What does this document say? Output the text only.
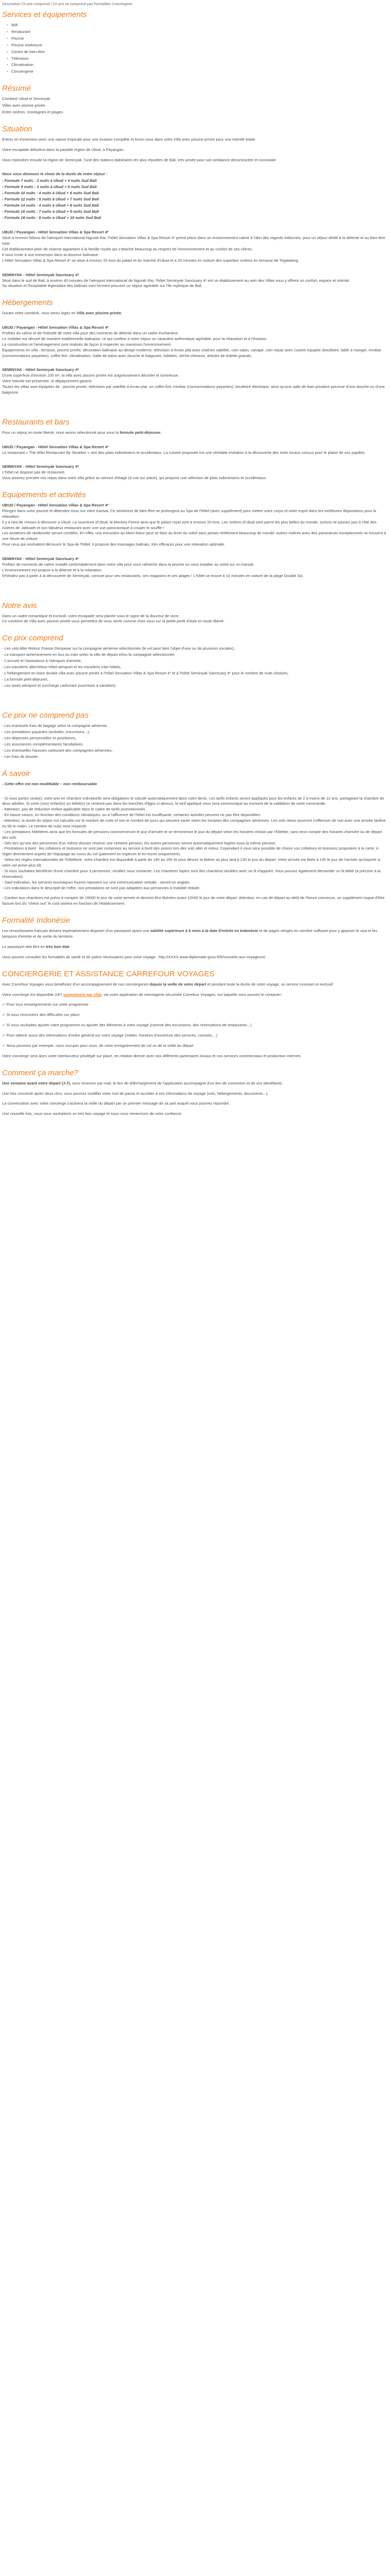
Description Ce prix comprend / Ce prix ne comprend pas Formalités Conciergerie
Services et équipements
• Wifi
• Restaurant
• Piscine
• Piscine extérieure
• Centre de bien-être
• Télévision
• Climatisation
• Conciergerie
Résumé

Combiné Ubud et Seminyak

Villas avec piscine privée

Entre rizières, montagnes et plages

Situation

Entrez en immersion avec une nature tropicale pour une évasion complète et lovez-vous dans votre Villa avec piscine privée pour une intimité totale.

Votre escapade débutera dans la paisible région de Ubud, à Payangan.

Vous rejoindrez ensuite la région de Seminyak, l'une des stations balnéaires les plus réputées de Bali, très prisée pour son ambiance décontractée et conviviale.

Nous vous donnons le choix de la durée de votre séjour :

- Formule 7 nuits : 3 nuits à Ubud + 4 nuits Sud Bali
- Formule 9 nuits : 3 nuits à Ubud + 6 nuits Sud Bali
- Formule 10 nuits : 4 nuits à Ubud + 6 nuits Sud Bali
- Formule 12 nuits : 5 nuits à Ubud + 7 nuits Sud Bali
- Formule 14 nuits : 4 nuits à Ubud + 8 nuits Sud Bali
- Formule 16 nuits : 7 nuits à Ubud + 9 nuits Sud Bali
- Formule 18 nuits : 8 nuits à Ubud + 10 nuits Sud Bali

UBUD / Payangan - Hôtel Sensation Villas & Spa Resort 4*

Situé à environ 50kms de l'aéroport international Ngurah Rai, l'hôtel Sensation Villas & Spa Resort 4* prend place dans un environnement calme à l'abri des regards indiscrets, pour un séjour dédié à la détente et au bien-être total.

Cet établissement plein de charme appartient à la famille royale qui s'attache beaucoup au respect de l'environnement et au confort de ses clients.

Il vous invite à une immersion dans la douceur balinaise.

L'hôtel Sensation Villas & Spa Resort 4* se situe à environ 20 kms du palais et du marché d'Ubud et à 20 minutes en voiture des superbes rizières en terrasse de Tegalalang.

SEMINYAK - Hôtel Seminyak Sanctuary 4*

Situé dans le sud de Bali, à environ 40 minutes de l'aéroport international de Ngurah Rai, l'hôtel Seminyak Sanctuary 4* est un établissement au sein des Villas vous y offrent un confort, espace et intimité.

Sa situation et l'hospitalité légendaire des balinois vont forment procurer un séjour agréable sur l'île mythique de Bali.

Hébergements

Durant votre combiné, vous serez logés en Villa avec piscine privée.

UBUD / Payangan - Hôtel Sensation Villas & Spa Resort 4*

Profitez du calme et de l'intimité de votre villa pour des moments de détente dans un cadre enchanteur.

Le mobilier est décoré de manière traditionnelle balinaise, ce qui confère à votre séjour un caractère authentique agréable, pour la relaxation et à l'évasion.

La construction et l'aménagement sont réalisés de façon à respecter au maximum l'environnement.

Équipements en villa : terrasse, piscine privée, décoration balinaise au design moderne, télévision à écran plat avec chaînes satellite, coin salon, canapé, coin repas avec cuisine équipée (bouilloire, table à manger, minibar (consommations payantes), coffre-fort, climatisation. Salle de bains avec douche et baignoire, toilettes, sèche-cheveux, articles de toilette gratuits.

SEMINYAK - Hôtel Seminyak Sanctuary 4*

D'une superficie d'environ 100 m², la villa avec piscine privée est soigneusement décorée et lumineuse.

Votre intimité est préservée, le dépaysement garanti.

Toutes les villas sont équipées de : piscine privée, télévision par satellite à écran plat, un coffre-fort, minibar (consommations payantes), bouilloire électrique, ainsi qu'une salle de bain privative pourvue d'une douche ou d'une baignoire.

Restaurants et bars

Pour un séjour en toute liberté, nous avons sélectionné pour vous la formule petit-déjeuner.

UBUD / Payangan - Hôtel Sensation Villas & Spa Resort 4*

Le restaurant « The Wilis Restaurant By Senebre » sert des plats indonésiens et occidentaux. La cuisine proposée est une véritable invitation à la découverte des mets locaux conçus pour le plaisir de vos papilles.

SEMINYAK - Hôtel Seminyak Sanctuary 4*

L'hôtel ne dispose pas de restaurant.

Vous pourrez prendre vos repas dans votre villa grâce au service d'étage (à voir sur place), qui propose une sélection de plats indonésiens et occidentaux.

Equipements et activités

UBUD / Payangan - Hôtel Sensation Villas & Spa Resort 4*

Plongez dans votre piscine et détendez-vous sur votre transat. Ce sentiment de bien-être se prolongera au Spa de l'hôtel (avec supplément) pour mettre votre corps et votre esprit dans les meilleures dispositions pour la relaxation.

Il y a tant de choses à découvrir à Ubud. La nourriture d'Ubud, la Monkey Forest ainsi que le palais royal sont à environ 20 kms. Les rizières d'Ubud sont parmi les plus belles du monde, surtout ne passez pas à côté des rizières de Jatiluwih et son fabuleux restaurant avec une vue panoramique à couper le souffle !

Les amateurs de randonnée seront comblés. En effet, une excursion au Mont Batur peut se faire au lever du soleil sans jamais réellement beaucoup de monde. Autres rizières avec des panoramas exceptionnels se trouvent à une heure de voiture.

Pour ceux qui souhaitent découvrir le Spa de l'hôtel, il propose des massages balinais, très efficaces pour une relaxation optimale.

SEMINYAK - Hôtel Seminyak Sanctuary 4*

Profitez de moments de calme installé confortablement dans votre villa pour vous rafraîchir dans la piscine ou vous installer au soleil sur un transat.

L'environnement est propice à la détente et à la relaxation.

N'hésitez pas à partir à la découverte de Seminyak, connue pour ses restaurants, ses magasins et ses plages ! L'hôtel se trouve à 10 minutes en voiture de la plage Double Six.

Notre avis

Dans un cadre romantique et exclusif, votre escapade sera placée sous le signe de la douceur de vivre.

Ce combiné de Villa avec piscine privée vous permettra de vous sentir comme chez vous sur la petite perle d'Asie en toute liberté.

Ce prix comprend
- Les vols Aller-Retour France-Denpasar sur la compagnie aérienne sélectionnée (le vol peut faire l'objet d'une ou de plusieurs escales),
- Le transport acheminement en bus ou train selon la ville de départ et/ou la compagnie sélectionnée,
- L'accueil et l'assistance à l'aéroport d'arrivée,
- Les transferts aller/retour hôtel-aéroport et les transferts inter-hôtels,
- L'hébergement en base double villa avec piscine privée à l'hôtel Sensation Villas & Spa Resort 4* et à l'hôtel Seminyak Sanctuary 4* pour le nombre de nuits choisies,
- La formule petit-déjeuner,
- Les taxes aéroport et surcharge carburant (soumises à variation).
Ce prix ne comprend pas
- Les éventuels frais de bagage selon la compagnie aérienne,
- Les prestations payantes (activités, excursions...),
- Les dépenses personnelles et pourboires,
- Les assurances complémentaires facultatives,
- Les éventuelles hausses carburant des compagnies aériennes,
- Les frais de dossier.
À savoir

- Cette offre est non modifiable – non remboursable

- Si vous partez seul(e), votre prix en chambre individuelle sera obligatoire et calculé automatiquement dans votre devis. Les tarifs enfants seront appliqués pour les enfants de 2 à moins de 12 ans, partageant la chambre de deux adultes. Si votre (vos) enfant(s) ou bébé(s) ne rentrent pas dans les tranches d'âges ci-dessus, le tarif appliqué vous sera communiqué au moment de la validation de votre commande.

- Attention, pas de réduction enfant applicable dans le cadre de tarifs promotionnels.

- En basse saison, en fonction des conditions climatiques, ou à l'affluence de l'hôtel est insuffisante, certaines activités peuvent ne pas être disponibles.

- Attention, la durée du séjour est calculée sur le nombre de nuits et non le nombre de jours qui peuvent varier selon les horaires des compagnies aériennes. Les vols retour pourront s'effectuer de nuit avec une arrivée tardive ou tôt le matin. Le nombre de nuits sera respecté.

- Les prestations hôtelières ainsi que les formules de pensions commenceront le jour d'arrivée et se termineront le jour du départ selon les horaires choisis par l'hôtelier, sans tenir compte des horaires d'arrivée ou de départ des vols.

- Dès lors qu'une des personnes d'un même dossier réserve une certaine pension, les autres personnes seront automatiquement logées sous la même pension.

- Prestations à bord : les collations et boissons ne sont pas comprises au service à bord des avions lors des vols aller et retour. Cependant il vous sera possible de choisir vos collations et boissons proposées à la carte, à régler directement auprès de l'équipage au cours du vol (paiement en espèces et en euros uniquement).

- Selon les règles internationales de l'hôtellerie, votre chambre est disponible à partir de 14h au 15h et vous devrez la libérer au plus tard à 12h le jour du départ. Votre arrivée est fixée à 14h le jour de l'arrivée qu'importe si votre vol arrive plus tôt.

- Si vous souhaitez bénéficier d'une chambre pour 3 personnes, veuillez nous contacter. Les chambres triples sont des chambres doubles avec un lit d'appoint. Vous pouvez également demander un lit bébé (à préciser à la réservation).

- Sauf indication, les services touristiques fournis reposent sur une communication verbale : seront en anglais.

- Les indications dans le descriptif de l'offre, nos prestations ne sont pas adaptées aux personnes à mobilité réduite.

- Caution aux chambres est prévu à compter de 15h00 le jour de votre arrivée et devront être libérées avant 12h00 le jour de votre départ. Attention, en cas de départ au-delà de l'heure convenue, un supplément risque d'être facturé lors du "check out" le coût variera en fonction de l'établissement.

Formalité Indonésie

Les ressortissants français doivent impérativement disposer d'un passeport ayant une validité supérieure à 6 mois à la date d'entrée en Indonésie et de pages vierges en nombre suffisant pour y apposer le visa et les tampons d'entrée et de sortie du territoire.

Le passeport doit être en très bon état.

Vous pouvez consulter les formalités de santé et de police nécessaires pour votre voyage : http://XXXX.www.diplomatie.gouv.fr/fr/conseils-aux-voyageurs/

CONCIERGERIE ET ASSISTANCE CARREFOUR VOYAGES

Avec Carrefour Voyages vous bénéficiez d'un accompagnement de nos conciergeries depuis la veille de votre départ et pendant toute la durée de votre voyage, un service innovant et exclusif.

Votre concierge est disponible 24/7 uniquement par chat, via votre application de messagerie sécurisée Carrefour Voyages, sur laquelle vous pouvez le contacter :

✓ Pour tous renseignements sur votre programme

✓ Si vous rencontrez des difficultés sur place

✓ Si vous souhaitez ajuster votre programme ou ajouter des éléments à votre voyage (comme des excursions, des réservations de restaurants...)

✓ Pour obtenir aussi des informations d'ordre général sur votre voyage (météo, horaires d'ouverture des services, conseils,...)

✓ Nous pouvons par exemple, nous occuper pour vous, de votre enregistrement de vol ou de la veille du départ

Votre concierge sera alors votre interlocuteur privilégié sur place, en relation directe avec nos différents partenaires locaux et nos services commerciaux et production internes.

Comment ça marche?

Une semaine avant votre départ (J-7), vous recevrez par mail, le lien de téléchargement de l'application accompagné d'un lien de connexion et de vos identifiants.

Une fois connecté après deux clics, vous pourrez modifier votre mot de passe et accéder à vos informations de voyage (vols, hébergements, documents...).

La conversation avec votre concierge s'activera la veille du départ par un premier message de sa part auquel vous pourrez répondre.

Une nouvelle fois, nous vous souhaitons un très bon voyage et nous vous remercions de votre confiance.
